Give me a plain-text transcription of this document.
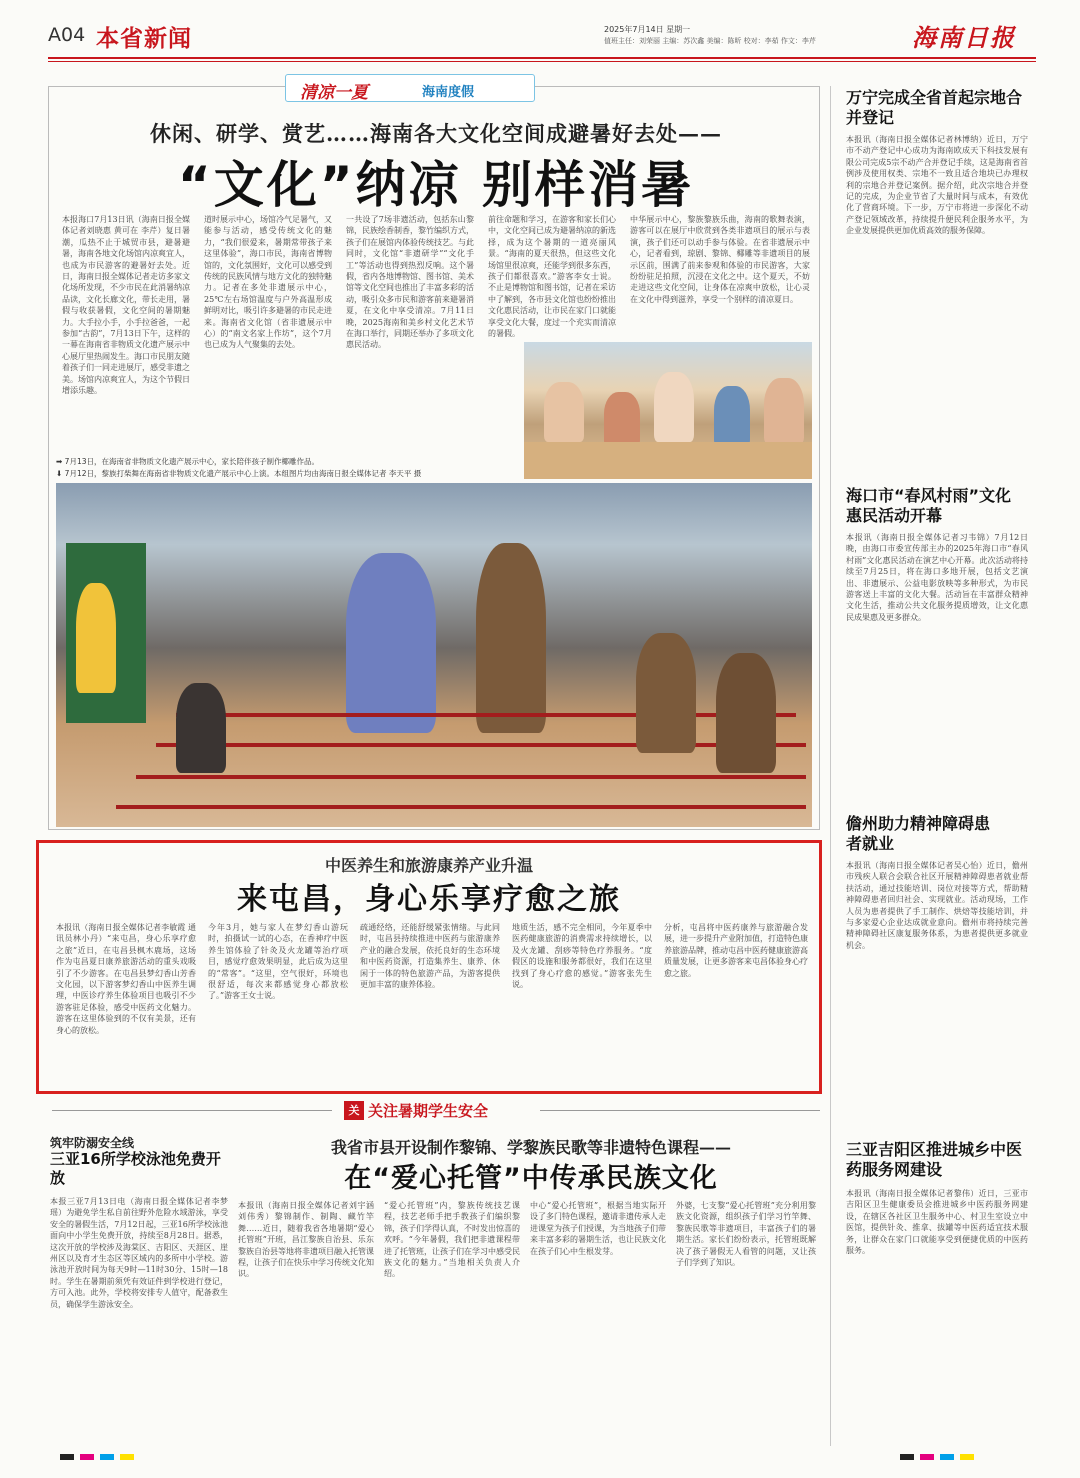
A04 本省新闻	2025年7月14日 星期一
值班主任：刘荣丽 主编：苏次鑫 美编：陈昕 校对：李茹 作文：李芹	海南日报
清凉一夏	海南度假
休闲、研学、赏艺……海南各大文化空间成避暑好去处——
“文化”纳凉 别样消暑
本报海口7月13日讯（海南日报全媒体记者刘晓惠 黄可在 李芹）复日暑潮，瓜热不止于城贸市县，避暑避暑，海南各地文化场馆内凉爽宜人，也成为市民游客的避暑好去处。近日，海南日报全媒体记者走访多家文化场所发现，不少市民在此消暑纳凉品读，文化长廊文化，带长走用，暑假与收获暑假，文化空间的暑期魅力。大手拉小手，小手拉爸爸，一起参加“古韵”，7月13日下午，这样的一幕在海南省非物质文化遗产展示中心展厅里热闹发生。海口市民朋友随着孩子们一同走进展厅，感受非遗之美。场馆内凉爽宜人，为这个节假日增添乐趣。
道时展示中心，场馆冷气足暑气，又能参与活动，感受传统文化的魅力，“我们很爱来，暑期常带孩子来这里体验”，海口市民，海南省博物馆的，文化氛围好，文化可以感受到传统的民族风情与地方文化的独特魅力。记者在多处非遗展示中心，25℃左右场馆温度与户外高温形成鲜明对比，吸引许多避暑的市民走进来。海南省文化馆（省非遗展示中心）的“南文名家上作坊”，这个7月也已成为人气聚集的去处。
一共设了7场非遗活动，包括东山黎锦，民族绘香制香，黎竹编织方式，孩子们在展馆内体验传统技艺。与此同时，文化馆“非遗研学”“文化手工”等活动也得到热烈反响。这个暑假，省内各地博物馆、图书馆、美术馆等文化空间也推出了丰富多彩的活动，吸引众多市民和游客前来避暑消夏，在文化中享受清凉。7月11日晚，2025海南和美乡村文化艺术节在海口举行，同期还举办了多项文化惠民活动。
前往命题和学习，在游客和家长们心中，文化空间已成为避暑纳凉的新选择，成为这个暑期的一道亮丽风景。“海南的夏天很热，但这些文化场馆里很凉爽，还能学到很多东西，孩子们都很喜欢。”游客李女士说。不止是博物馆和图书馆，记者在采访中了解到，各市县文化馆也纷纷推出文化惠民活动，让市民在家门口就能享受文化大餐，度过一个充实而清凉的暑假。
中华展示中心，黎族黎族乐曲，海南的歌舞表演，游客可以在展厅中欣赏到各类非遗项目的展示与表演，孩子们还可以动手参与体验。在省非遗展示中心，记者看到，琼剧、黎锦、椰雕等非遗项目的展示区前，围满了前来参观和体验的市民游客，大家纷纷驻足拍照，沉浸在文化之中。这个夏天，不妨走进这些文化空间，让身体在凉爽中放松，让心灵在文化中得到滋养，享受一个别样的清凉夏日。
➡ 7月13日，在海南省非物质文化遗产展示中心，家长陪伴孩子制作椰雕作品。
⬇ 7月12日，黎族打柴舞在海南省非物质文化遗产展示中心上演。本组图片均由海南日报全媒体记者 李天平 摄
中医养生和旅游康养产业升温
来屯昌，身心乐享疗愈之旅
本报讯（海南日报全媒体记者李敏霞 通讯员林小丹）“来屯昌，身心乐享疗愈之旅”近日，在屯昌县枫木鹿场，这场作为屯昌夏日康养旅游活动的重头戏吸引了不少游客。在屯昌县梦幻香山芳香文化园，以下游客梦幻香山中医养生调理，中医诊疗养生体验项目也吸引不少游客驻足体验，感受中医药文化魅力。游客在这里体验到的不仅有美景，还有身心的放松。
今年3月，她与家人在梦幻香山游玩时，拍摄试一试的心态，在香神疗中医养生馆体验了针灸及火龙罐等治疗项目，感觉疗愈效果明显，此后成为这里的“常客”。“这里，空气很好，环境也很舒适，每次来都感觉身心都放松了。”游客王女士说。
疏通经络，还能舒缓紧张情绪。与此同时，屯昌县持续推进中医药与旅游康养产业的融合发展，依托良好的生态环境和中医药资源，打造集养生、康养、休闲于一体的特色旅游产品，为游客提供更加丰富的康养体验。
地质生活，感不完全相同，今年夏季中医药健康旅游的消费需求持续增长，以及火龙罐、刮痧等特色疗养服务。“度假区的设施和服务都很好，我们在这里找到了身心疗愈的感觉。”游客张先生说。
分析，屯昌将中医药康养与旅游融合发展，进一步提升产业附加值，打造特色康养旅游品牌，推动屯昌中医药健康旅游高质量发展，让更多游客来屯昌体验身心疗愈之旅。
关 关注暑期学生安全
筑牢防溺安全线
三亚16所学校泳池免费开放
本报三亚7月13日电（海南日报全媒体记者李梦瑶）为避免学生私自前往野外危险水域游泳，享受安全的暑假生活，7月12日起，三亚16所学校泳池面向中小学生免费开放，持续至8月28日。据悉，这次开放的学校涉及海棠区、吉阳区、天涯区、崖州区以及育才生态区等区域内的多所中小学校。游泳池开放时间为每天9时—11时30分、15时—18时。学生在暑期前须凭有效证件到学校进行登记，方可入池。此外，学校将安排专人值守，配备救生员，确保学生游泳安全。
我省市县开设制作黎锦、学黎族民歌等非遗特色课程——
在“爱心托管”中传承民族文化
本报讯（海南日报全媒体记者刘宇涵 刘伟秀）黎锦制作、制陶、藏竹竿舞……近日，随着我省各地暑期“爱心托管班”开班，昌江黎族自治县、乐东黎族自治县等地将非遗项目融入托管课程，让孩子们在快乐中学习传统文化知识。
“爱心托管班”内，黎族传统技艺课程，技艺老师手把手教孩子们编织黎锦，孩子们学得认真，不时发出惊喜的欢呼。“今年暑假，我们把非遗课程带进了托管班，让孩子们在学习中感受民族文化的魅力。”当地相关负责人介绍。
中心“爱心托管班”，根据当地实际开设了多门特色课程，邀请非遗传承人走进课堂为孩子们授课，为当地孩子们带来丰富多彩的暑期生活，也让民族文化在孩子们心中生根发芽。
外婆，七支黎“爱心托管班”充分利用黎族文化资源，组织孩子们学习竹竿舞、黎族民歌等非遗项目，丰富孩子们的暑期生活。家长们纷纷表示，托管班既解决了孩子暑假无人看管的问题，又让孩子们学到了知识。
万宁完成全省首起宗地合并登记
本报讯（海南日报全媒体记者林博纳）近日，万宁市不动产登记中心成功为海南欧成天下科技发展有限公司完成5宗不动产合并登记手续，这是海南省首例涉及使用权类、宗地不一致且适合地块已办理权利的宗地合并登记案例。据介绍，此次宗地合并登记的完成，为企业节省了大量时间与成本，有效优化了营商环境。下一步，万宁市将进一步深化不动产登记领域改革，持续提升便民利企服务水平，为企业发展提供更加优质高效的服务保障。
海口市“春风村雨”文化惠民活动开幕
本报讯（海南日报全媒体记者习韦锦）7月12日晚，由海口市委宣传部主办的2025年海口市“春风村雨”文化惠民活动在演艺中心开幕。此次活动将持续至7月25日，将在海口多地开展，包括文艺演出、非遗展示、公益电影放映等多种形式，为市民游客送上丰富的文化大餐。活动旨在丰富群众精神文化生活，推动公共文化服务提质增效，让文化惠民成果惠及更多群众。
儋州助力精神障碍患者就业
本报讯（海南日报全媒体记者吴心怡）近日，儋州市残疾人联合会联合社区开展精神障碍患者就业帮扶活动，通过技能培训、岗位对接等方式，帮助精神障碍患者回归社会、实现就业。活动现场，工作人员为患者提供了手工制作、烘焙等技能培训，并与多家爱心企业达成就业意向。儋州市将持续完善精神障碍社区康复服务体系，为患者提供更多就业机会。
三亚吉阳区推进城乡中医药服务网建设
本报讯（海南日报全媒体记者黎伟）近日，三亚市吉阳区卫生健康委员会推进城乡中医药服务网建设，在辖区各社区卫生服务中心、村卫生室设立中医馆，提供针灸、推拿、拔罐等中医药适宜技术服务，让群众在家门口就能享受到便捷优质的中医药服务。
